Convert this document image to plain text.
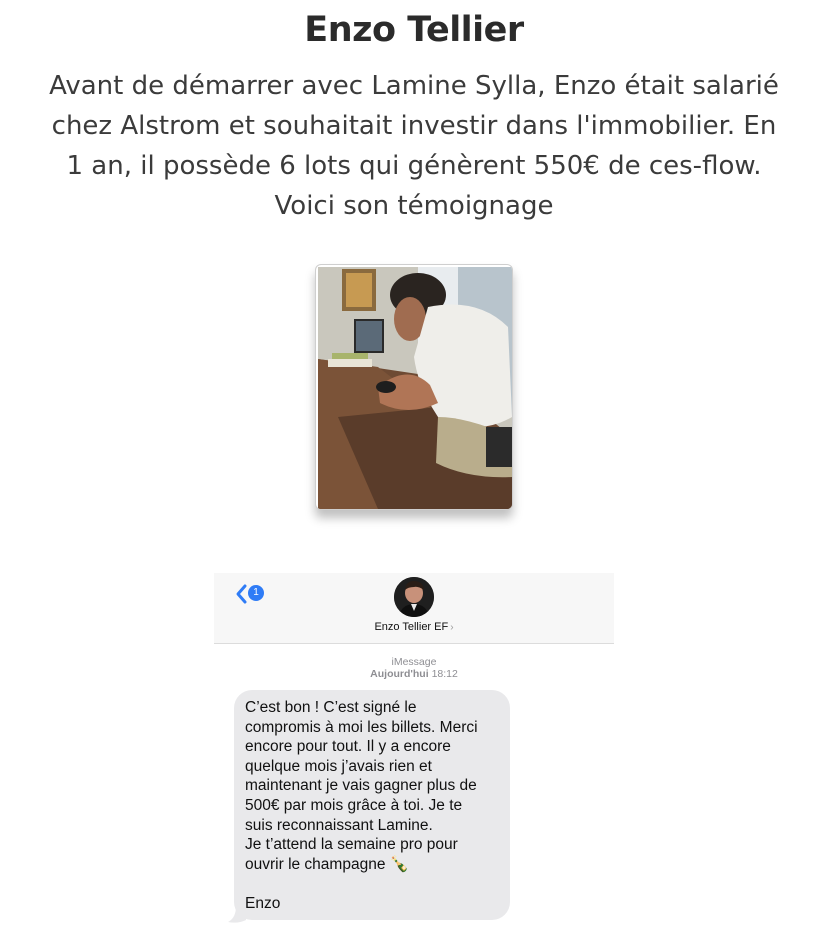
Enzo Tellier
Avant de démarrer avec Lamine Sylla, Enzo était salarié chez Alstrom et souhaitait investir dans l'immobilier. En 1 an, il possède 6 lots qui génèrent 550€ de ces-flow. Voici son témoignage
1
Enzo Tellier EF ›
iMessage
Aujourd'hui 18:12

C’est bon ! C’est signé le
compromis à moi les billets. Merci
encore pour tout. Il y a encore
quelque mois j’avais rien et
maintenant je vais gagner plus de
500€ par mois grâce à toi. Je te
suis reconnaissant Lamine.
Je t’attend la semaine pro pour
ouvrir le champagne 🍾

Enzo
